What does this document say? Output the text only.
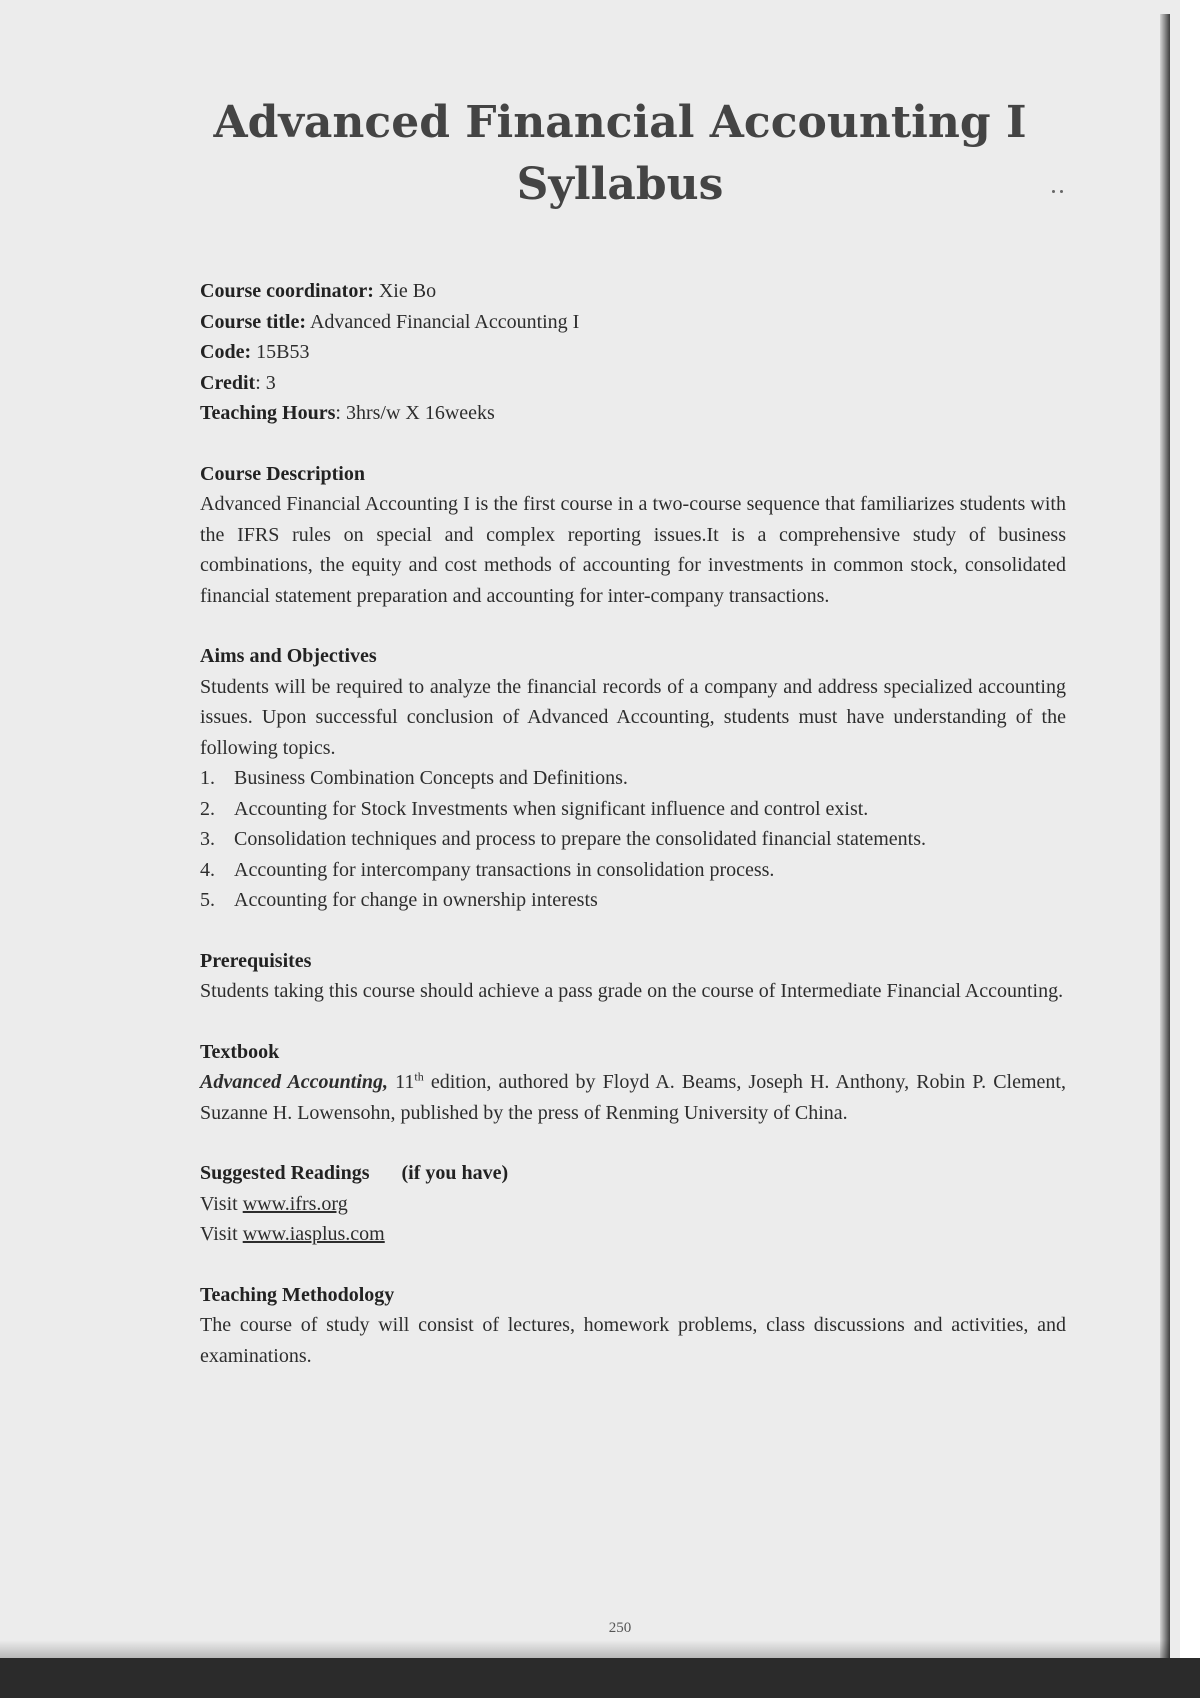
Advanced Financial Accounting I
Syllabus

Course coordinator: Xie Bo

Course title: Advanced Financial Accounting I

Code: 15B53

Credit: 3

Teaching Hours: 3hrs/w X 16weeks

Course Description

Advanced Financial Accounting I is the first course in a two-course sequence that familiarizes students with the IFRS rules on special and complex reporting issues.It is a comprehensive study of business combinations, the equity and cost methods of accounting for investments in common stock, consolidated financial statement preparation and accounting for inter-company transactions.

Aims and Objectives

Students will be required to analyze the financial records of a company and address specialized accounting issues. Upon successful conclusion of Advanced Accounting, students must have understanding of the following topics.

1. Business Combination Concepts and Definitions.
2. Accounting for Stock Investments when significant influence and control exist.
3. Consolidation techniques and process to prepare the consolidated financial statements.
4. Accounting for intercompany transactions in consolidation process.
5. Accounting for change in ownership interests
Prerequisites

Students taking this course should achieve a pass grade on the course of Intermediate Financial Accounting.

Textbook

Advanced Accounting, 11th edition, authored by Floyd A. Beams, Joseph H. Anthony, Robin P. Clement, Suzanne H. Lowensohn, published by the press of Renming University of China.

Suggested Readings (if you have)

Visit www.ifrs.org

Visit www.iasplus.com

Teaching Methodology

The course of study will consist of lectures, homework problems, class discussions and activities, and examinations.

250
